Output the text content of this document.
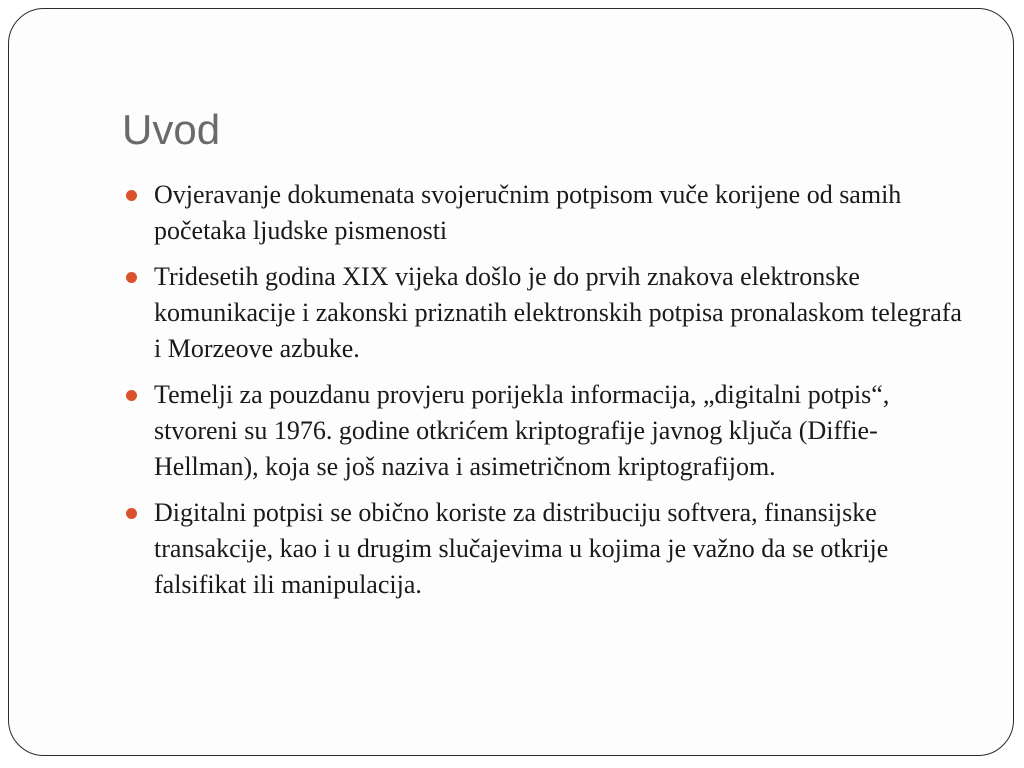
Uvod
Ovjeravanje dokumenata svojeručnim potpisom vuče korijene od samih početaka ljudske pismenosti
Tridesetih godina XIX vijeka došlo je do prvih znakova elektronske komunikacije i zakonski priznatih elektronskih potpisa pronalaskom telegrafa i Morzeove azbuke.
Temelji za pouzdanu provjeru porijekla informacija, „digitalni potpis“, stvoreni su 1976. godine otkrićem kriptografije javnog ključa (Diffie-Hellman), koja se još naziva i asimetričnom kriptografijom.
Digitalni potpisi se obično koriste za distribuciju softvera, finansijske transakcije, kao i u drugim slučajevima u kojima je važno da se otkrije falsifikat ili manipulacija.
